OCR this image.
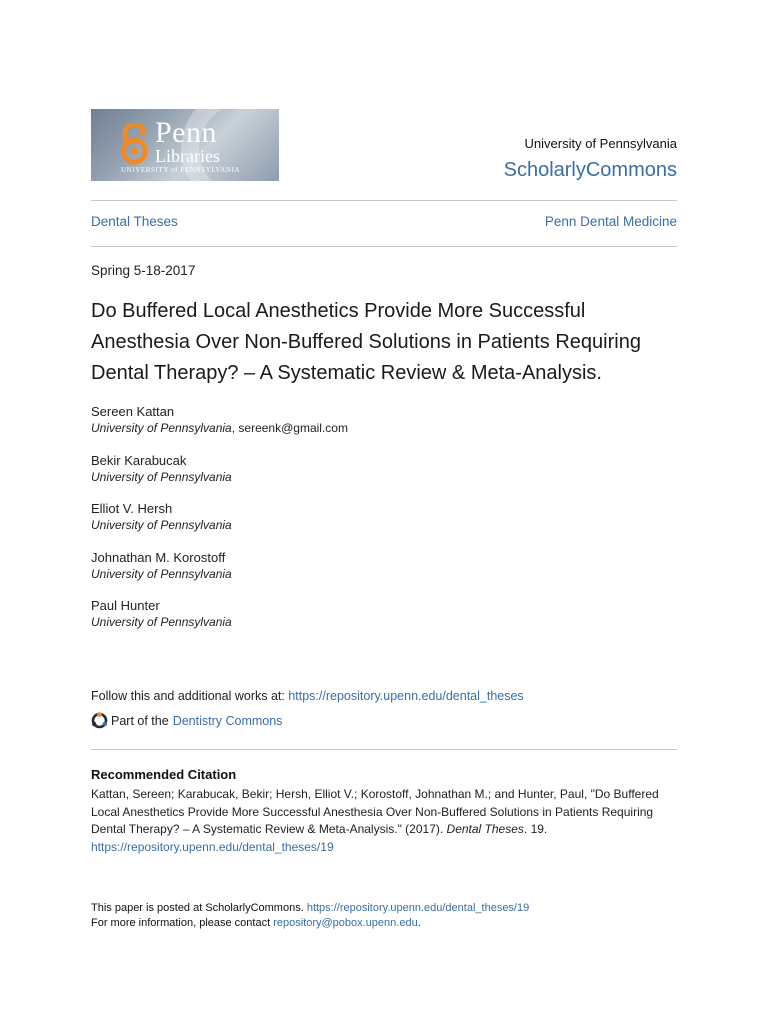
Penn
Libraries
UNIVERSITY of PENNSYLVANIA
University of Pennsylvania
ScholarlyCommons
Dental Theses	Penn Dental Medicine
Spring 5-18-2017
Do Buffered Local Anesthetics Provide More Successful Anesthesia Over Non-Buffered Solutions in Patients Requiring Dental Therapy? – A Systematic Review & Meta-Analysis.
Sereen Kattan
University of Pennsylvania, sereenk@gmail.com
Bekir Karabucak
University of Pennsylvania
Elliot V. Hersh
University of Pennsylvania
Johnathan M. Korostoff
University of Pennsylvania
Paul Hunter
University of Pennsylvania
Follow this and additional works at: https://repository.upenn.edu/dental_theses
Part of the Dentistry Commons
Recommended Citation
Kattan, Sereen; Karabucak, Bekir; Hersh, Elliot V.; Korostoff, Johnathan M.; and Hunter, Paul, "Do Buffered Local Anesthetics Provide More Successful Anesthesia Over Non-Buffered Solutions in Patients Requiring Dental Therapy? – A Systematic Review & Meta-Analysis." (2017). Dental Theses. 19.
https://repository.upenn.edu/dental_theses/19
This paper is posted at ScholarlyCommons. https://repository.upenn.edu/dental_theses/19
For more information, please contact repository@pobox.upenn.edu.
